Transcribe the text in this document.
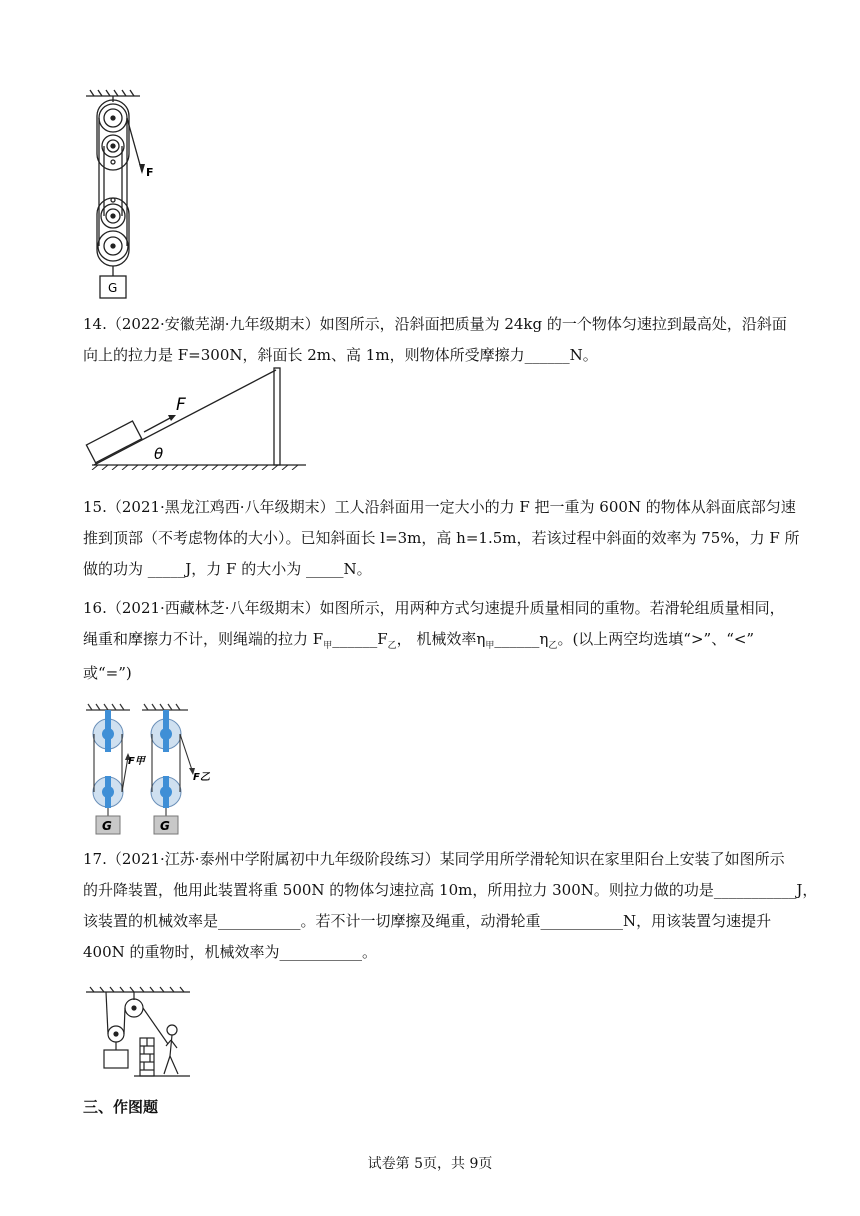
F
G
14.（2022·安徽芜湖·九年级期末）如图所示，沿斜面把质量为 24kg 的一个物体匀速拉到最高处，沿斜面
向上的拉力是 F=300N，斜面长 2m、高 1m，则物体所受摩擦力______N。
F
θ
15.（2021·黑龙江鸡西·八年级期末）工人沿斜面用一定大小的力 F 把一重为 600N 的物体从斜面底部匀速
推到顶部（不考虑物体的大小）。已知斜面长 l=3m，高 h=1.5m，若该过程中斜面的效率为 75%，力 F 所
做的功为 _____J，力 F 的大小为 _____N。
16.（2021·西藏林芝·八年级期末）如图所示，用两种方式匀速提升质量相同的重物。若滑轮组质量相同，
绳重和摩擦力不计，则绳端的拉力 $F_甲\_\_\_\_\_\_F_乙$， 机械效率$\eta_甲\_\_\_\_\_\_\eta_乙$。(以上两空均选填“>”、“<”
或“=”)
F甲
F乙
G	G
17.（2021·江苏·泰州中学附属初中九年级阶段练习）某同学用所学滑轮知识在家里阳台上安装了如图所示
的升降装置，他用此装置将重 500N 的物体匀速拉高 10m，所用拉力 300N。则拉力做的功是___________J，
该装置的机械效率是___________。若不计一切摩擦及绳重，动滑轮重___________N，用该装置匀速提升
400N 的重物时，机械效率为___________。
三、作图题
试卷第 5页，共 9页
